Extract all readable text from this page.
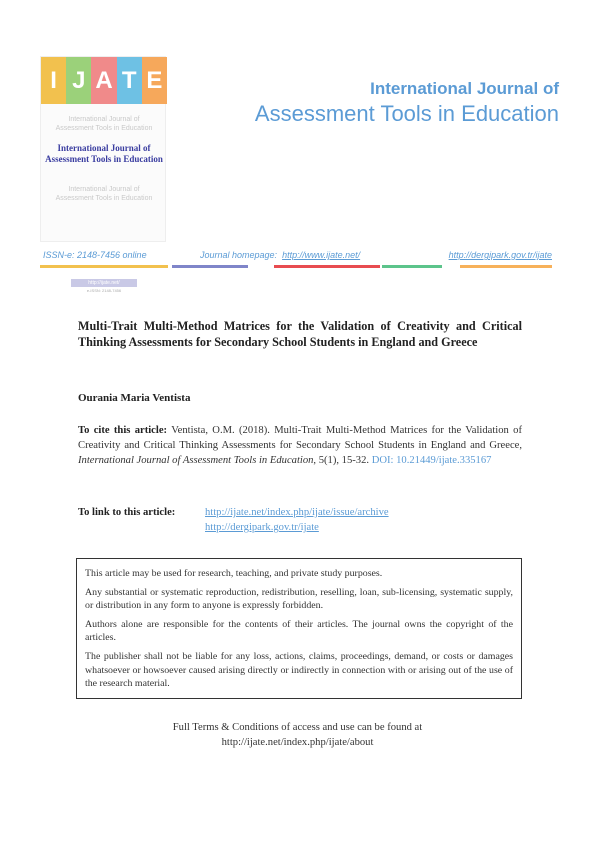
I J A T E
International Journal of
Assessment Tools in Education
International Journal of
Assessment Tools in Education
International Journal of
Assessment Tools in Education
http://ijate.net/
e-ISSN: 2148-7456
International Journal of
Assessment Tools in Education
ISSN-e: 2148-7456 online	Journal homepage: http://www.ijate.net/	http://dergipark.gov.tr/ijate
Multi-Trait Multi-Method Matrices for the Validation of Creativity and Critical Thinking Assessments for Secondary School Students in England and Greece
Ourania Maria Ventista
To cite this article: Ventista, O.M. (2018). Multi-Trait Multi-Method Matrices for the Validation of Creativity and Critical Thinking Assessments for Secondary School Students in England and Greece, International Journal of Assessment Tools in Education, 5(1), 15-32. DOI: 10.21449/ijate.335167
To link to this article:	http://ijate.net/index.php/ijate/issue/archive
http://dergipark.gov.tr/ijate

This article may be used for research, teaching, and private study purposes.

Any substantial or systematic reproduction, redistribution, reselling, loan, sub-licensing, systematic supply, or distribution in any form to anyone is expressly forbidden.

Authors alone are responsible for the contents of their articles. The journal owns the copyright of the articles.

The publisher shall not be liable for any loss, actions, claims, proceedings, demand, or costs or damages whatsoever or howsoever caused arising directly or indirectly in connection with or arising out of the use of the research material.

Full Terms & Conditions of access and use can be found at
http://ijate.net/index.php/ijate/about
